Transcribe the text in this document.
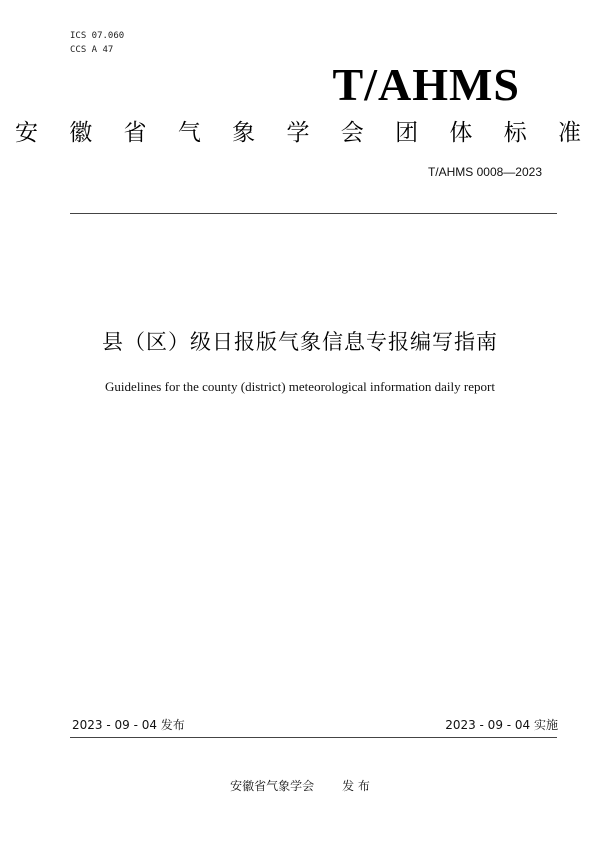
ICS 07.060
CCS A 47
T/AHMS
安 徽 省 气 象 学 会 团 体 标 准
T/AHMS 0008—2023
县（区）级日报版气象信息专报编写指南
Guidelines for the county (district) meteorological information daily report
2023 - 09 - 04 发布	2023 - 09 - 04 实施
安徽省气象学会 发 布
